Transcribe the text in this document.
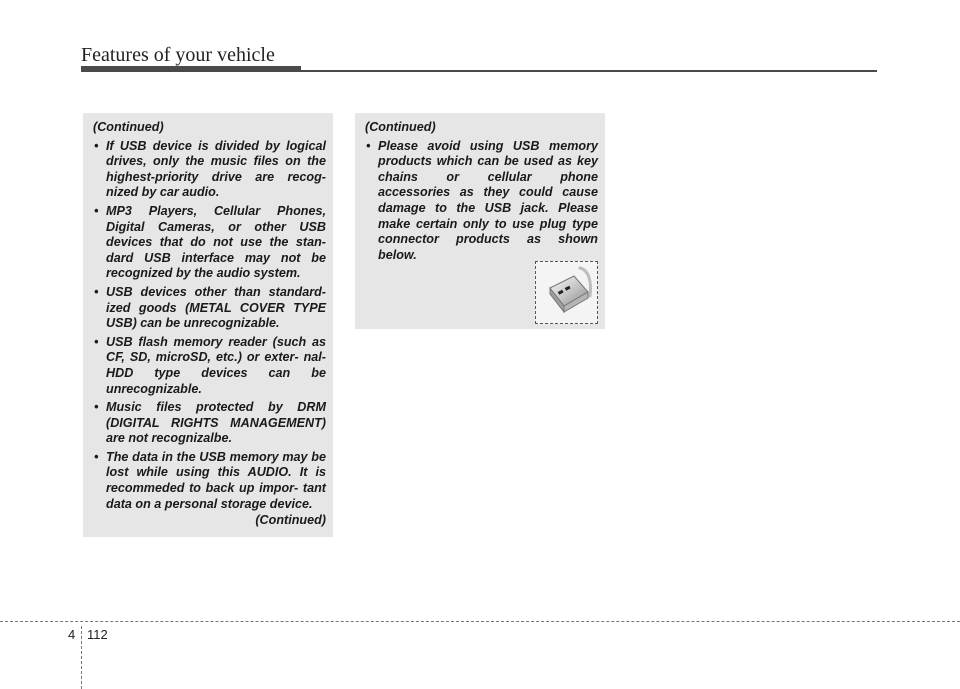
Features of your vehicle

(Continued)

• If USB device is divided by logical drives, only the music files on the highest-priority drive are recog- nized by car audio.
• MP3 Players, Cellular Phones, Digital Cameras, or other USB devices that do not use the stan- dard USB interface may not be recognized by the audio system.
• USB devices other than standard- ized goods (METAL COVER TYPE USB) can be unrecognizable.
• USB flash memory reader (such as CF, SD, microSD, etc.) or exter- nal-HDD type devices can be unrecognizable.
• Music files protected by DRM (DIGITAL RIGHTS MANAGEMENT) are not recognizalbe.
• The data in the USB memory may be lost while using this AUDIO. It is recommeded to back up impor- tant data on a personal storage device.
(Continued)

(Continued)

• Please avoid using USB memory products which can be used as key chains or cellular phone accessories as they could cause damage to the USB jack. Please make certain only to use plug type connector products as shown below.
4 112
